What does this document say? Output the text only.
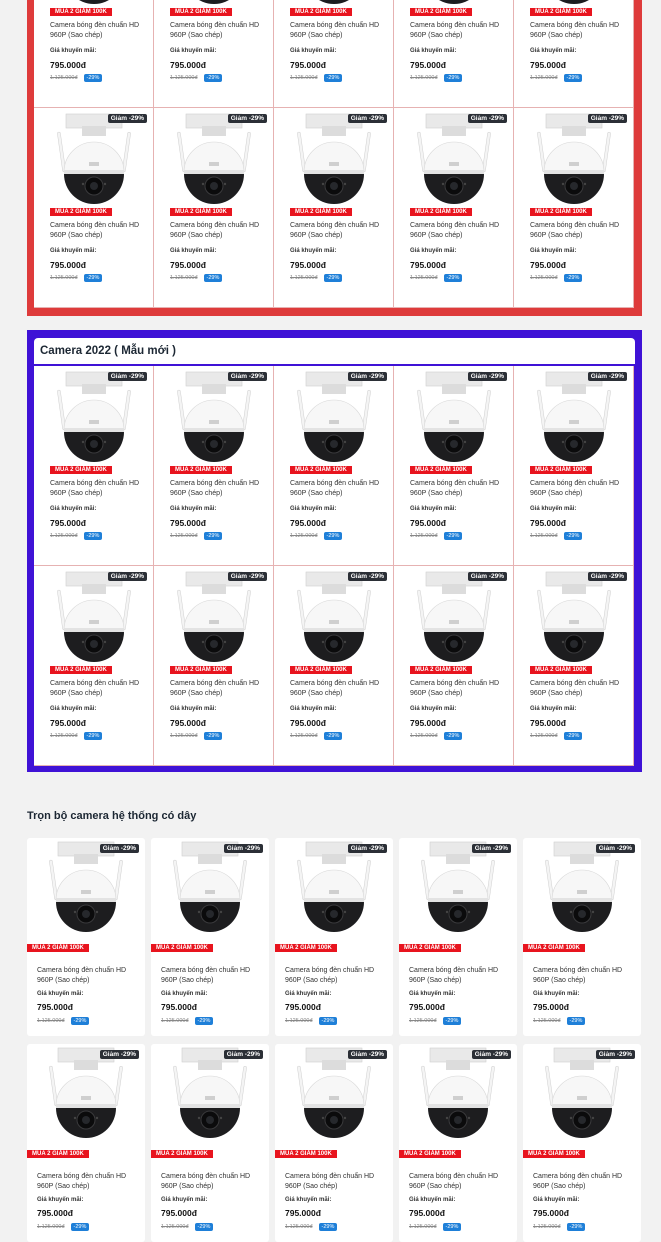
MUA 2 GIẢM 100K
Camera bóng đèn chuẩn HD 960P (Sao chép)
Giá khuyến mãi:
795.000đ
1.125.000đ	-29%
MUA 2 GIẢM 100K
Camera bóng đèn chuẩn HD 960P (Sao chép)
Giá khuyến mãi:
795.000đ
1.125.000đ	-29%
MUA 2 GIẢM 100K
Camera bóng đèn chuẩn HD 960P (Sao chép)
Giá khuyến mãi:
795.000đ
1.125.000đ	-29%
MUA 2 GIẢM 100K
Camera bóng đèn chuẩn HD 960P (Sao chép)
Giá khuyến mãi:
795.000đ
1.125.000đ	-29%
MUA 2 GIẢM 100K
Camera bóng đèn chuẩn HD 960P (Sao chép)
Giá khuyến mãi:
795.000đ
1.125.000đ	-29%
Giảm -29%
MUA 2 GIẢM 100K
Camera bóng đèn chuẩn HD 960P (Sao chép)
Giá khuyến mãi:
795.000đ
1.125.000đ	-29%
Giảm -29%
MUA 2 GIẢM 100K
Camera bóng đèn chuẩn HD 960P (Sao chép)
Giá khuyến mãi:
795.000đ
1.125.000đ	-29%
Giảm -29%
MUA 2 GIẢM 100K
Camera bóng đèn chuẩn HD 960P (Sao chép)
Giá khuyến mãi:
795.000đ
1.125.000đ	-29%
Giảm -29%
MUA 2 GIẢM 100K
Camera bóng đèn chuẩn HD 960P (Sao chép)
Giá khuyến mãi:
795.000đ
1.125.000đ	-29%
Giảm -29%
MUA 2 GIẢM 100K
Camera bóng đèn chuẩn HD 960P (Sao chép)
Giá khuyến mãi:
795.000đ
1.125.000đ	-29%
Camera 2022 ( Mẫu mới )
Giảm -29%
MUA 2 GIẢM 100K
Camera bóng đèn chuẩn HD 960P (Sao chép)
Giá khuyến mãi:
795.000đ
1.125.000đ	-29%
Giảm -29%
MUA 2 GIẢM 100K
Camera bóng đèn chuẩn HD 960P (Sao chép)
Giá khuyến mãi:
795.000đ
1.125.000đ	-29%
Giảm -29%
MUA 2 GIẢM 100K
Camera bóng đèn chuẩn HD 960P (Sao chép)
Giá khuyến mãi:
795.000đ
1.125.000đ	-29%
Giảm -29%
MUA 2 GIẢM 100K
Camera bóng đèn chuẩn HD 960P (Sao chép)
Giá khuyến mãi:
795.000đ
1.125.000đ	-29%
Giảm -29%
MUA 2 GIẢM 100K
Camera bóng đèn chuẩn HD 960P (Sao chép)
Giá khuyến mãi:
795.000đ
1.125.000đ	-29%
Giảm -29%
MUA 2 GIẢM 100K
Camera bóng đèn chuẩn HD 960P (Sao chép)
Giá khuyến mãi:
795.000đ
1.125.000đ	-29%
Giảm -29%
MUA 2 GIẢM 100K
Camera bóng đèn chuẩn HD 960P (Sao chép)
Giá khuyến mãi:
795.000đ
1.125.000đ	-29%
Giảm -29%
MUA 2 GIẢM 100K
Camera bóng đèn chuẩn HD 960P (Sao chép)
Giá khuyến mãi:
795.000đ
1.125.000đ	-29%
Giảm -29%
MUA 2 GIẢM 100K
Camera bóng đèn chuẩn HD 960P (Sao chép)
Giá khuyến mãi:
795.000đ
1.125.000đ	-29%
Giảm -29%
MUA 2 GIẢM 100K
Camera bóng đèn chuẩn HD 960P (Sao chép)
Giá khuyến mãi:
795.000đ
1.125.000đ	-29%
Trọn bộ camera hệ thống có dây
Giảm -29%
MUA 2 GIẢM 100K
Camera bóng đèn chuẩn HD 960P (Sao chép)
Giá khuyến mãi:
795.000đ
1.125.000đ	-29%
Giảm -29%
MUA 2 GIẢM 100K
Camera bóng đèn chuẩn HD 960P (Sao chép)
Giá khuyến mãi:
795.000đ
1.125.000đ	-29%
Giảm -29%
MUA 2 GIẢM 100K
Camera bóng đèn chuẩn HD 960P (Sao chép)
Giá khuyến mãi:
795.000đ
1.125.000đ	-29%
Giảm -29%
MUA 2 GIẢM 100K
Camera bóng đèn chuẩn HD 960P (Sao chép)
Giá khuyến mãi:
795.000đ
1.125.000đ	-29%
Giảm -29%
MUA 2 GIẢM 100K
Camera bóng đèn chuẩn HD 960P (Sao chép)
Giá khuyến mãi:
795.000đ
1.125.000đ	-29%
Giảm -29%
MUA 2 GIẢM 100K
Camera bóng đèn chuẩn HD 960P (Sao chép)
Giá khuyến mãi:
795.000đ
1.125.000đ	-29%
Giảm -29%
MUA 2 GIẢM 100K
Camera bóng đèn chuẩn HD 960P (Sao chép)
Giá khuyến mãi:
795.000đ
1.125.000đ	-29%
Giảm -29%
MUA 2 GIẢM 100K
Camera bóng đèn chuẩn HD 960P (Sao chép)
Giá khuyến mãi:
795.000đ
1.125.000đ	-29%
Giảm -29%
MUA 2 GIẢM 100K
Camera bóng đèn chuẩn HD 960P (Sao chép)
Giá khuyến mãi:
795.000đ
1.125.000đ	-29%
Giảm -29%
MUA 2 GIẢM 100K
Camera bóng đèn chuẩn HD 960P (Sao chép)
Giá khuyến mãi:
795.000đ
1.125.000đ	-29%
